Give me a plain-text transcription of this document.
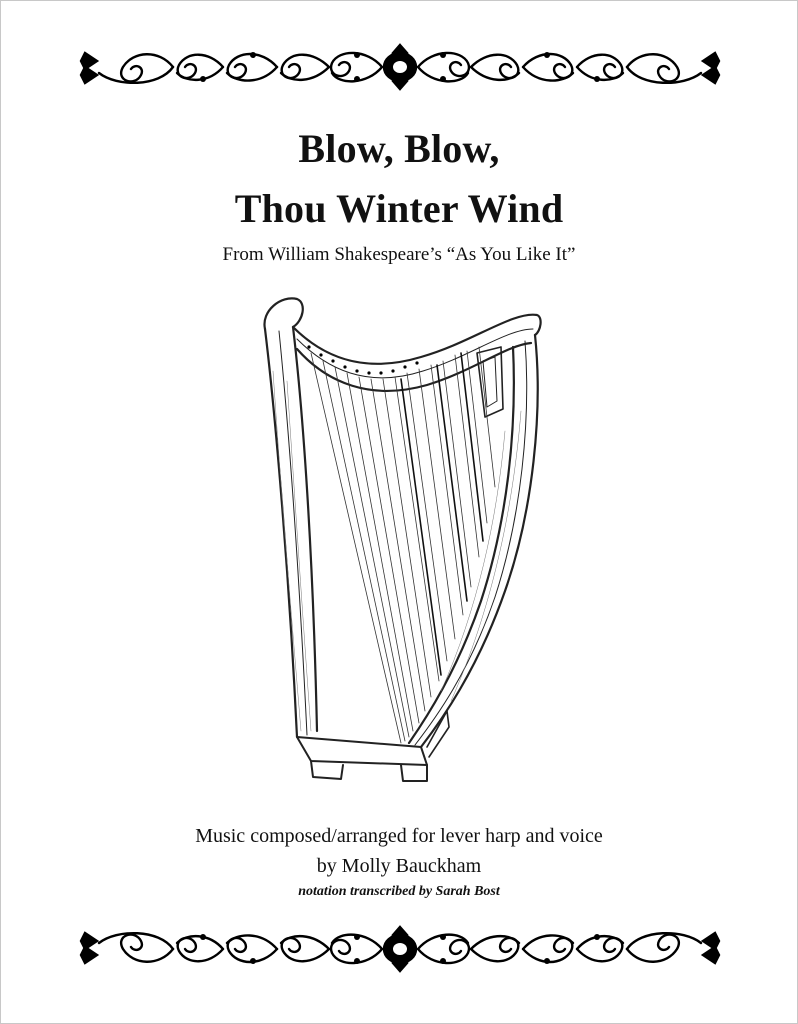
Blow, Blow,
Thou Winter Wind
From William Shakespeare’s “As You Like It”
Music composed/arranged for lever harp and voice
by Molly Bauckham
notation transcribed by Sarah Bost
